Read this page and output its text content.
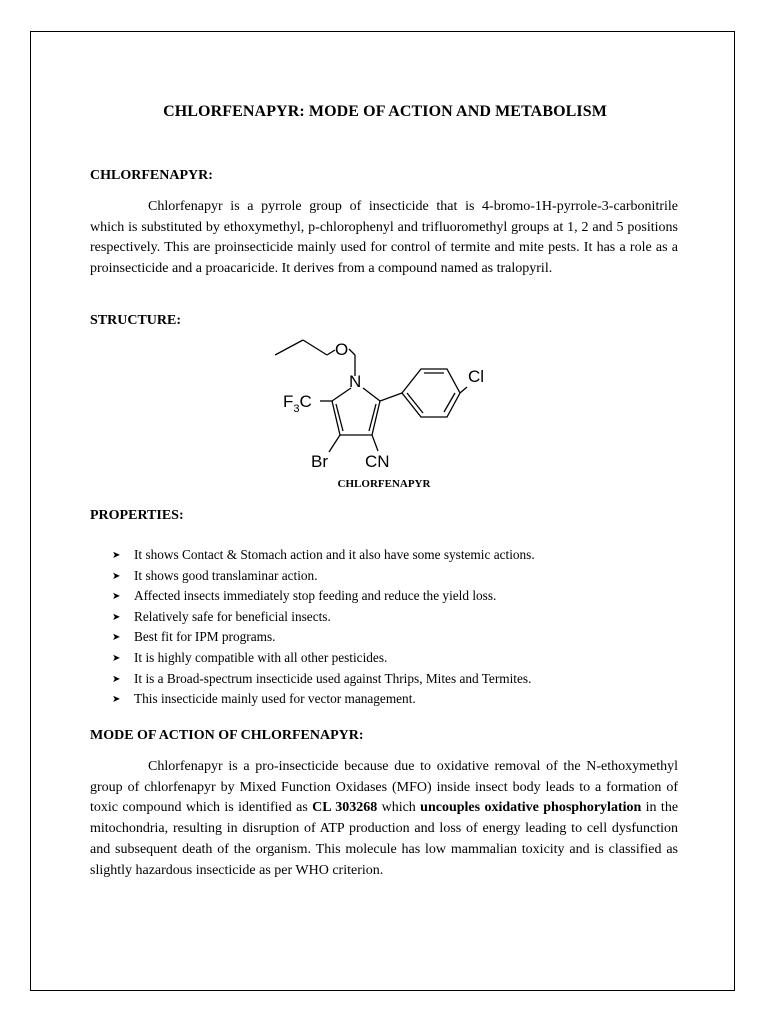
CHLORFENAPYR: MODE OF ACTION AND METABOLISM
CHLORFENAPYR:

Chlorfenapyr is a pyrrole group of insecticide that is 4-bromo-1H-pyrrole-3-carbonitrile which is substituted by ethoxymethyl, p-chlorophenyl and trifluoromethyl groups at 1, 2 and 5 positions respectively. This are proinsecticide mainly used for control of termite and mite pests. It has a role as a proinsecticide and a proacaricide. It derives from a compound named as tralopyril.

STRUCTURE:
O
N	Cl
$F_3C$
Br CN
CHLORFENAPYR
PROPERTIES:
➤ It shows Contact & Stomach action and it also have some systemic actions.
➤ It shows good translaminar action.
➤ Affected insects immediately stop feeding and reduce the yield loss.
➤ Relatively safe for beneficial insects.
➤ Best fit for IPM programs.
➤ It is highly compatible with all other pesticides.
➤ It is a Broad-spectrum insecticide used against Thrips, Mites and Termites.
➤ This insecticide mainly used for vector management.
MODE OF ACTION OF CHLORFENAPYR:

Chlorfenapyr is a pro-insecticide because due to oxidative removal of the N-ethoxymethyl group of chlorfenapyr by Mixed Function Oxidases (MFO) inside insect body leads to a formation of toxic compound which is identified as CL 303268 which uncouples oxidative phosphorylation in the mitochondria, resulting in disruption of ATP production and loss of energy leading to cell dysfunction and subsequent death of the organism. This molecule has low mammalian toxicity and is classified as slightly hazardous insecticide as per WHO criterion.
